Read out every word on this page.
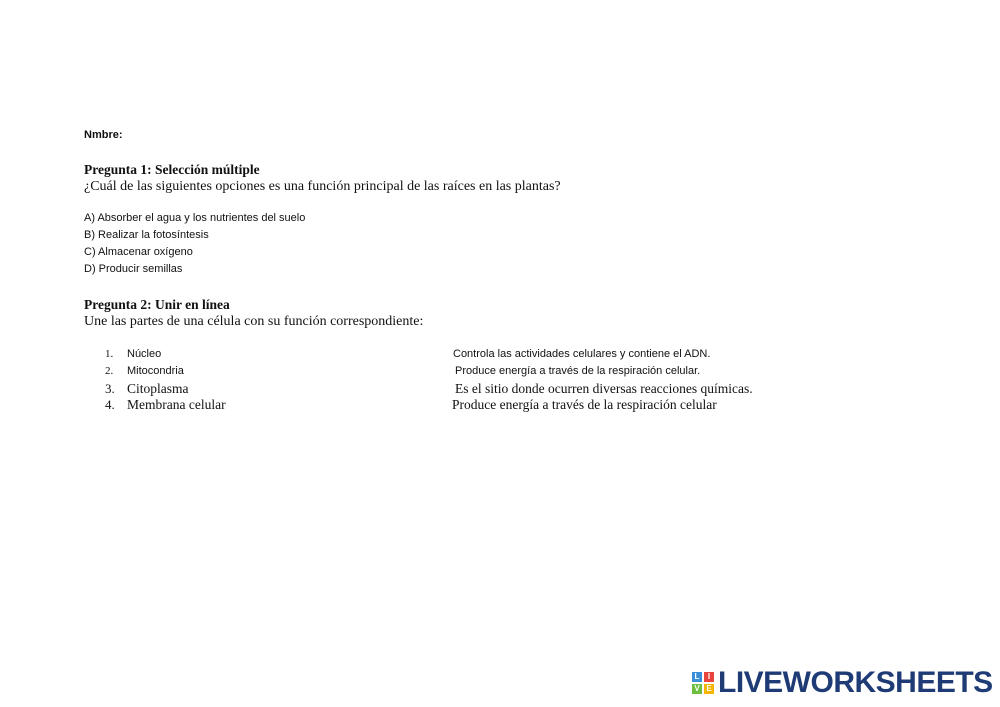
Nmbre:
Pregunta 1: Selección múltiple
¿Cuál de las siguientes opciones es una función principal de las raíces en las plantas?
A) Absorber el agua y los nutrientes del suelo
B) Realizar la fotosíntesis
C) Almacenar oxígeno
D) Producir semillas
Pregunta 2: Unir en línea
Une las partes de una célula con su función correspondiente:
1. Núcleo	Controla las actividades celulares y contiene el ADN.
2. Mitocondria	Produce energía a través de la respiración celular.
3. Citoplasma	Es el sitio donde ocurren diversas reacciones químicas.
4. Membrana celular	Produce energía a través de la respiración celular
L	I
V E LIVEWORKSHEETS
